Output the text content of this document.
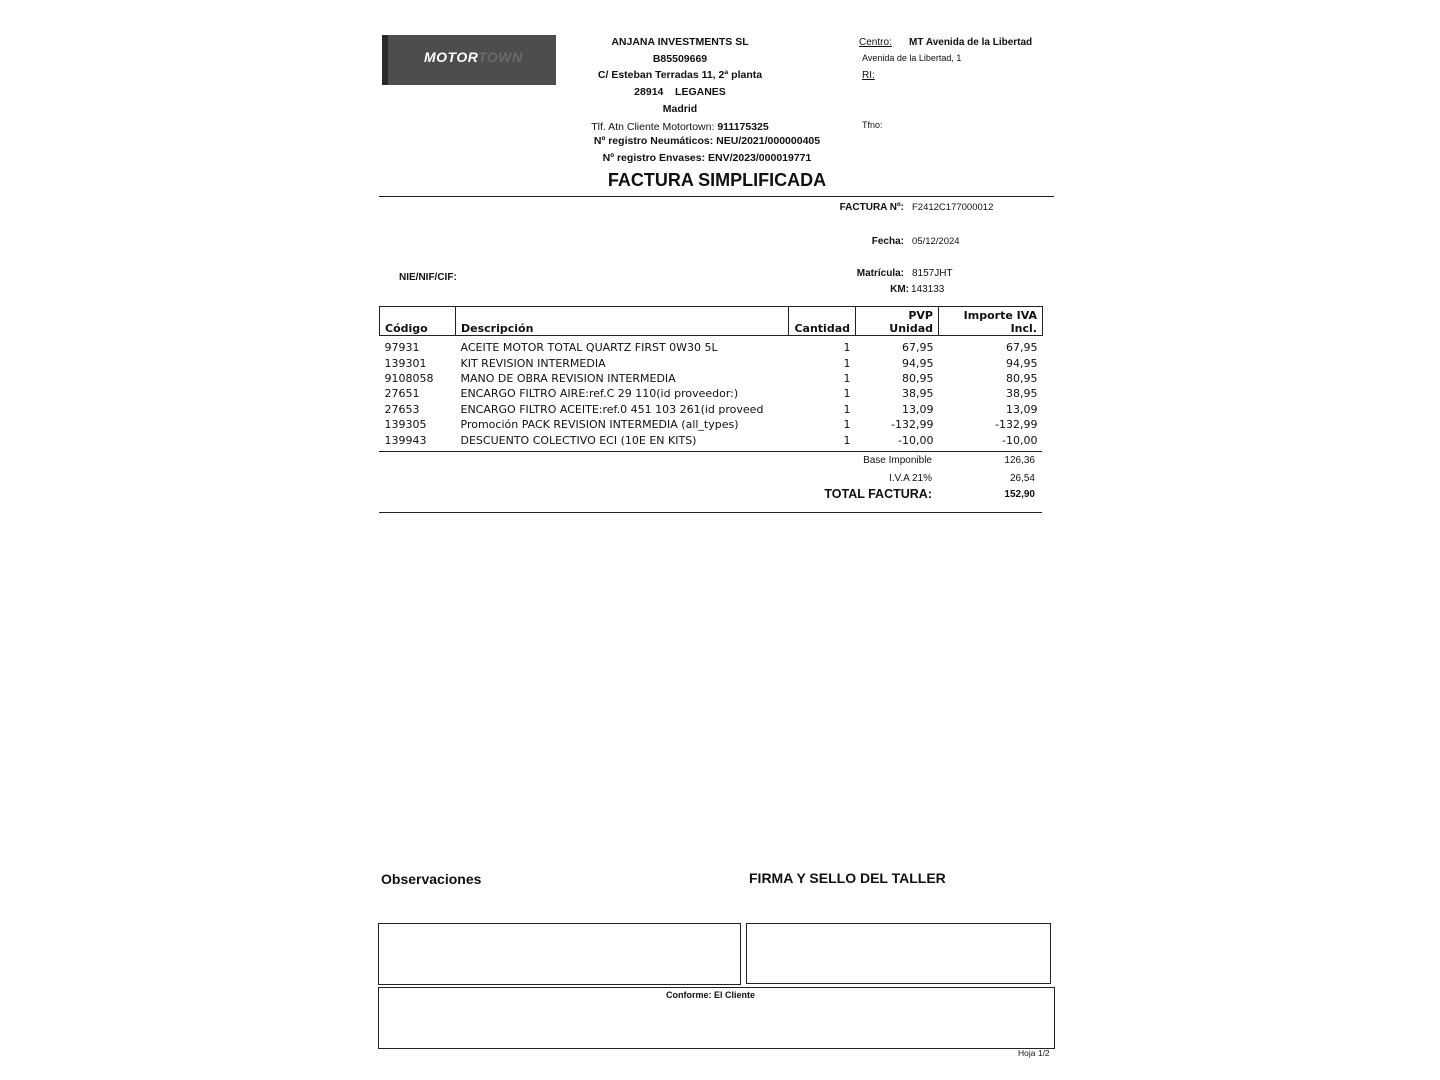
MOTORTOWN
ANJANA INVESTMENTS SL
B85509669
C/ Esteban Terradas 11, 2ª planta
28914 LEGANES
Madrid
Tlf. Atn Cliente Motortown: 911175325
Nº registro Neumáticos: NEU/2021/000000405
Nº registro Envases: ENV/2023/000019771
Centro: MT Avenida de la Libertad
Avenida de la Libertad, 1
RI:
Tfno:
FACTURA SIMPLIFICADA
FACTURA Nº: F2412C177000012
Fecha: 05/12/2024
NIE/NIF/CIF:	Matrícula: 8157JHT
KM: 143133
Código	Descripción	Cantidad	PVP Unidad	Importe IVA Incl.
97931	ACEITE MOTOR TOTAL QUARTZ FIRST 0W30 5L	1	67,95	67,95
139301	KIT REVISION INTERMEDIA	1	94,95	94,95
9108058	MANO DE OBRA REVISION INTERMEDIA	1	80,95	80,95
27651	ENCARGO FILTRO AIRE:ref.C 29 110(id proveedor:)	1	38,95	38,95
27653	ENCARGO FILTRO ACEITE:ref.0 451 103 261(id proveed	1	13,09	13,09
139305	Promoción PACK REVISION INTERMEDIA (all_types)	1	-132,99	-132,99
139943	DESCUENTO COLECTIVO ECI (10E EN KITS)	1	-10,00	-10,00
Base Imponible	126,36
I.V.A 21%	26,54
TOTAL FACTURA:	152,90
Observaciones	FIRMA Y SELLO DEL TALLER
Conforme: El Cliente
Hoja 1/2
